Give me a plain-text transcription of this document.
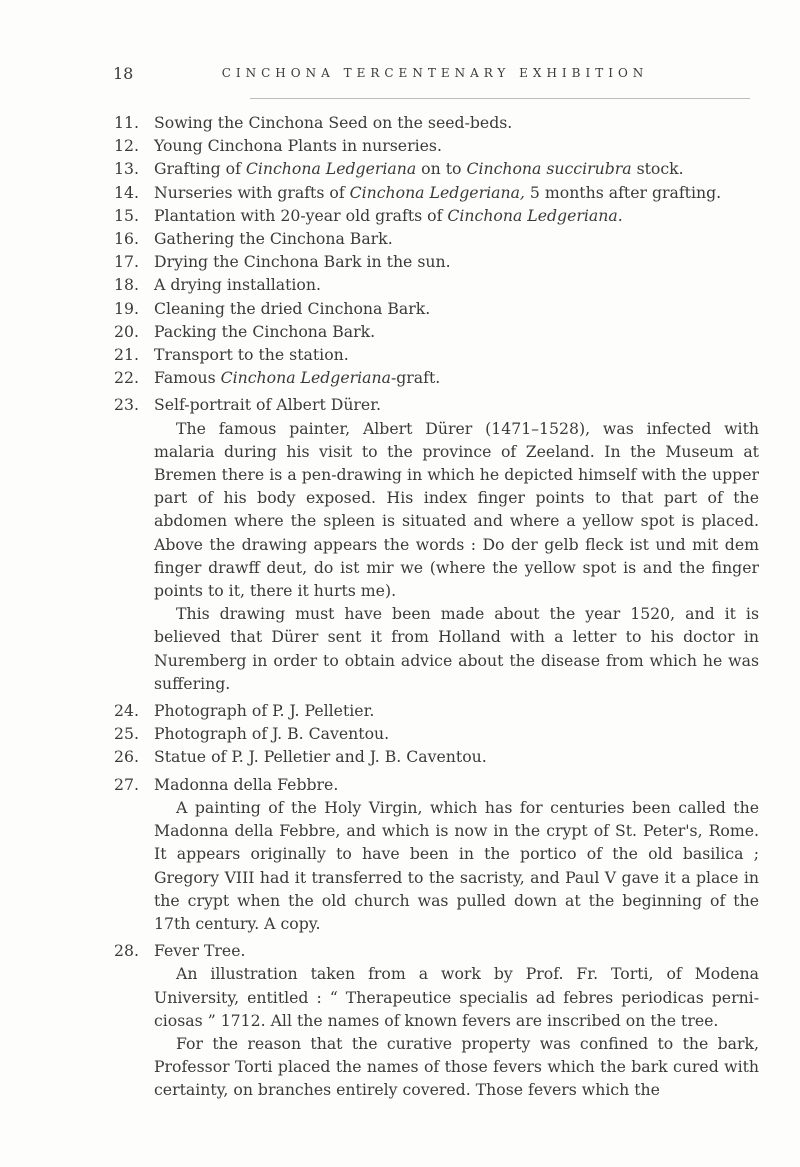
18	CINCHONA TERCENTENARY EXHIBITION
11. Sowing the Cinchona Seed on the seed-beds.
12. Young Cinchona Plants in nurseries.
13. Grafting of Cinchona Ledgeriana on to Cinchona succirubra stock.
14. Nurseries with grafts of Cinchona Ledgeriana, 5 months after grafting.
15. Plantation with 20-year old grafts of Cinchona Ledgeriana.
16. Gathering the Cinchona Bark.
17. Drying the Cinchona Bark in the sun.
18. A drying installation.
19. Cleaning the dried Cinchona Bark.
20. Packing the Cinchona Bark.
21. Transport to the station.
22. Famous Cinchona Ledgeriana-graft.
23. Self-portrait of Albert Dürer.

The famous painter, Albert Dürer (1471–1528), was infected with malaria during his visit to the province of Zeeland. In the Museum at Bremen there is a pen-drawing in which he depicted himself with the upper part of his body exposed. His index finger points to that part of the abdomen where the spleen is situated and where a yellow spot is placed. Above the drawing appears the words : Do der gelb fleck ist und mit dem finger drawff deut, do ist mir we (where the yellow spot is and the finger points to it, there it hurts me).

This drawing must have been made about the year 1520, and it is believed that Dürer sent it from Holland with a letter to his doctor in Nuremberg in order to obtain advice about the disease from which he was suffering.

24. Photograph of P. J. Pelletier.
25. Photograph of J. B. Caventou.
26. Statue of P. J. Pelletier and J. B. Caventou.
27. Madonna della Febbre.

A painting of the Holy Virgin, which has for centuries been called the Madonna della Febbre, and which is now in the crypt of St. Peter's, Rome. It appears originally to have been in the portico of the old basilica ; Gregory VIII had it transferred to the sacristy, and Paul V gave it a place in the crypt when the old church was pulled down at the beginning of the 17th century. A copy.

28. Fever Tree.

An illustration taken from a work by Prof. Fr. Torti, of Modena University, entitled : “ Therapeutice specialis ad febres periodicas perni-ciosas ” 1712. All the names of known fevers are inscribed on the tree.

For the reason that the curative property was confined to the bark, Professor Torti placed the names of those fevers which the bark cured with certainty, on branches entirely covered. Those fevers which the
